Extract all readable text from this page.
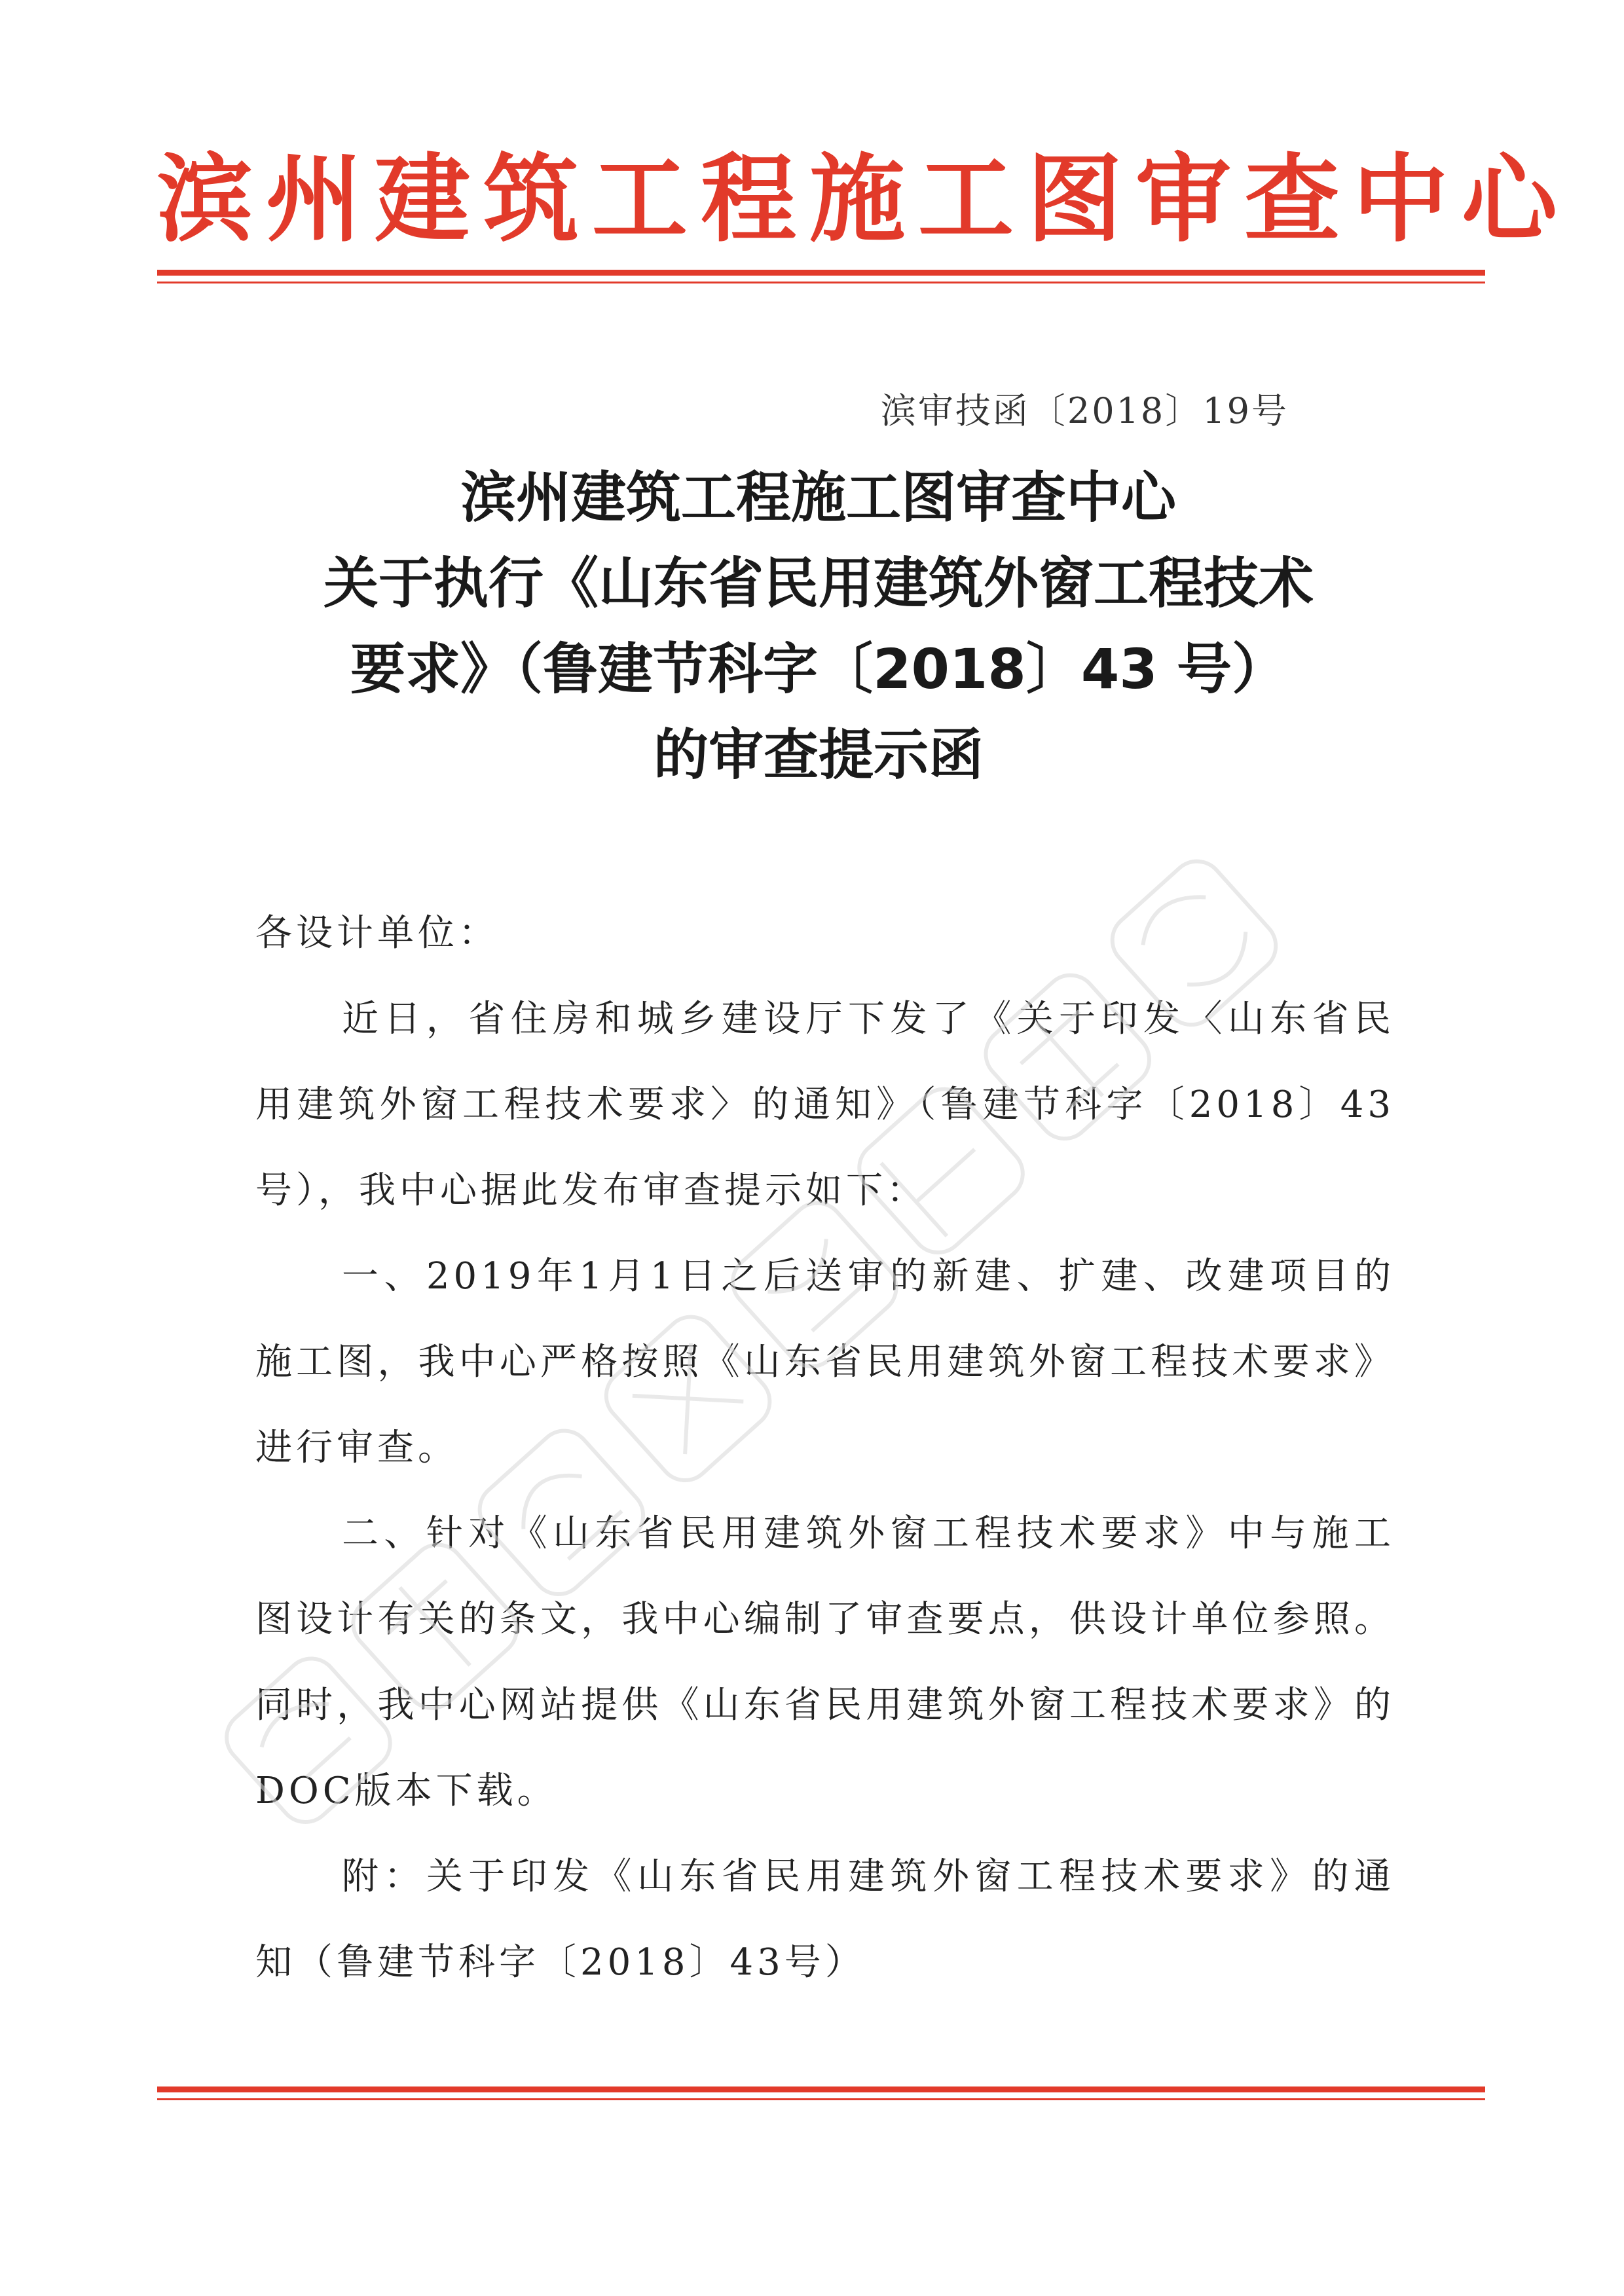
滨州建筑工程施工图审查中心
滨审技函〔2018〕19号
滨州建筑工程施工图审查中心
关于执行《山东省民用建筑外窗工程技术
要求》（鲁建节科字〔2018〕43 号）
的审查提示函

各设计单位：

近日，省住房和城乡建设厅下发了《关于印发〈山东省民用建筑外窗工程技术要求〉的通知》（鲁建节科字〔2018〕43号），我中心据此发布审查提示如下：

一、2019年1月1日之后送审的新建、扩建、改建项目的施工图，我中心严格按照《山东省民用建筑外窗工程技术要求》进行审查。

二、针对《山东省民用建筑外窗工程技术要求》中与施工图设计有关的条文，我中心编制了审查要点，供设计单位参照。同时，我中心网站提供《山东省民用建筑外窗工程技术要求》的DOC版本下载。

附：关于印发《山东省民用建筑外窗工程技术要求》的通知（鲁建节科字〔2018〕43号）
